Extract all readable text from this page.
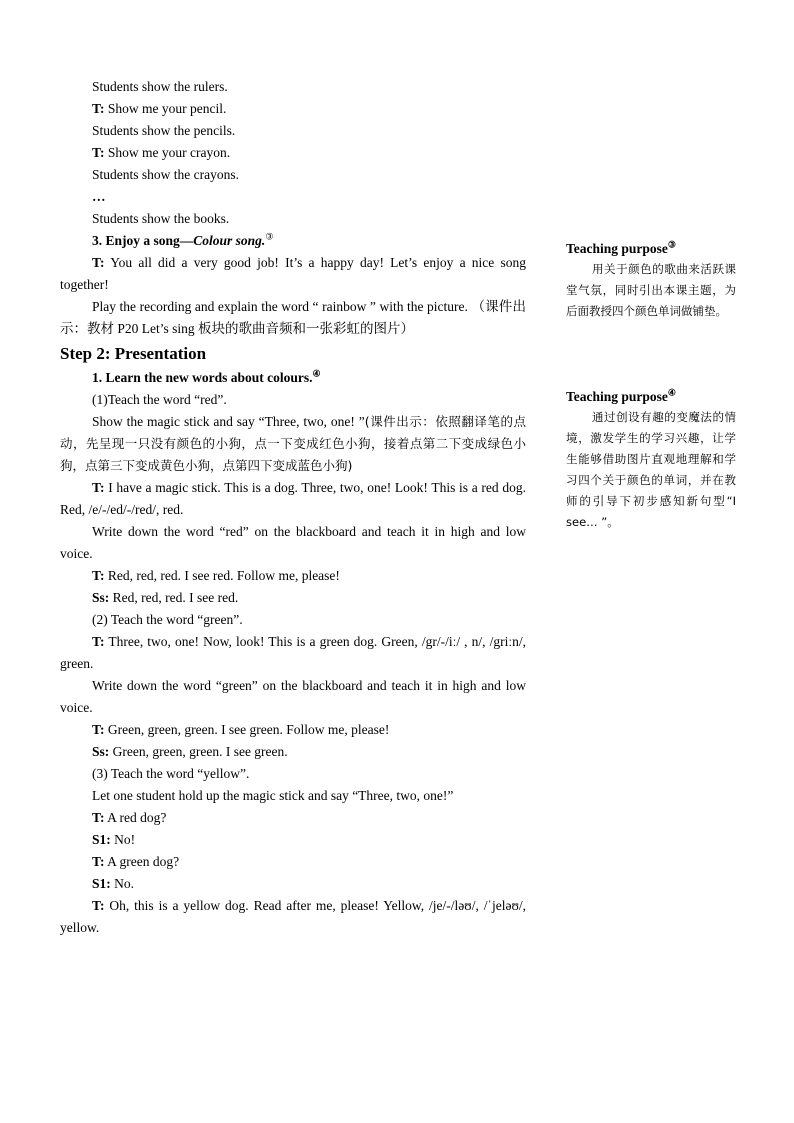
Students show the rulers.

T: Show me your pencil.

Students show the pencils.

T: Show me your crayon.

Students show the crayons.

…

Students show the books.

3. Enjoy a song—Colour song.③

T: You all did a very good job! It’s a happy day! Let’s enjoy a nice song together!

Play the recording and explain the word “ rainbow ” with the picture. （课件出示：教材 P20 Let’s sing 板块的歌曲音频和一张彩虹的图片）

Step 2: Presentation

1. Learn the new words about colours.④

(1)Teach the word “red”.

Show the magic stick and say “Three, two, one! ”(课件出示：依照翻译笔的点动，先呈现一只没有颜色的小狗，点一下变成红色小狗，接着点第二下变成绿色小狗，点第三下变成黄色小狗，点第四下变成蓝色小狗)

T: I have a magic stick. This is a dog. Three, two, one! Look! This is a red dog. Red, /e/-/ed/-/red/, red.

Write down the word “red” on the blackboard and teach it in high and low voice.

T: Red, red, red. I see red. Follow me, please!

Ss: Red, red, red. I see red.

(2) Teach the word “green”.

T: Three, two, one! Now, look! This is a green dog. Green, /gr/-/iː/ , n/, /griːn/, green.

Write down the word “green” on the blackboard and teach it in high and low voice.

T: Green, green, green. I see green. Follow me, please!

Ss: Green, green, green. I see green.

(3) Teach the word “yellow”.

Let one student hold up the magic stick and say “Three, two, one!”

T: A red dog?

S1: No!

T: A green dog?

S1: No.

T: Oh, this is a yellow dog. Read after me, please! Yellow, /je/-/ləʊ/, /ˈjeləʊ/, yellow.

Teaching purpose③
用关于颜色的歌曲来活跃课堂气氛，同时引出本课主题，为后面教授四个颜色单词做铺垫。
Teaching purpose④
通过创设有趣的变魔法的情境，激发学生的学习兴趣，让学生能够借助图片直观地理解和学习四个关于颜色的单词，并在教师的引导下初步感知新句型“I see… ”。
